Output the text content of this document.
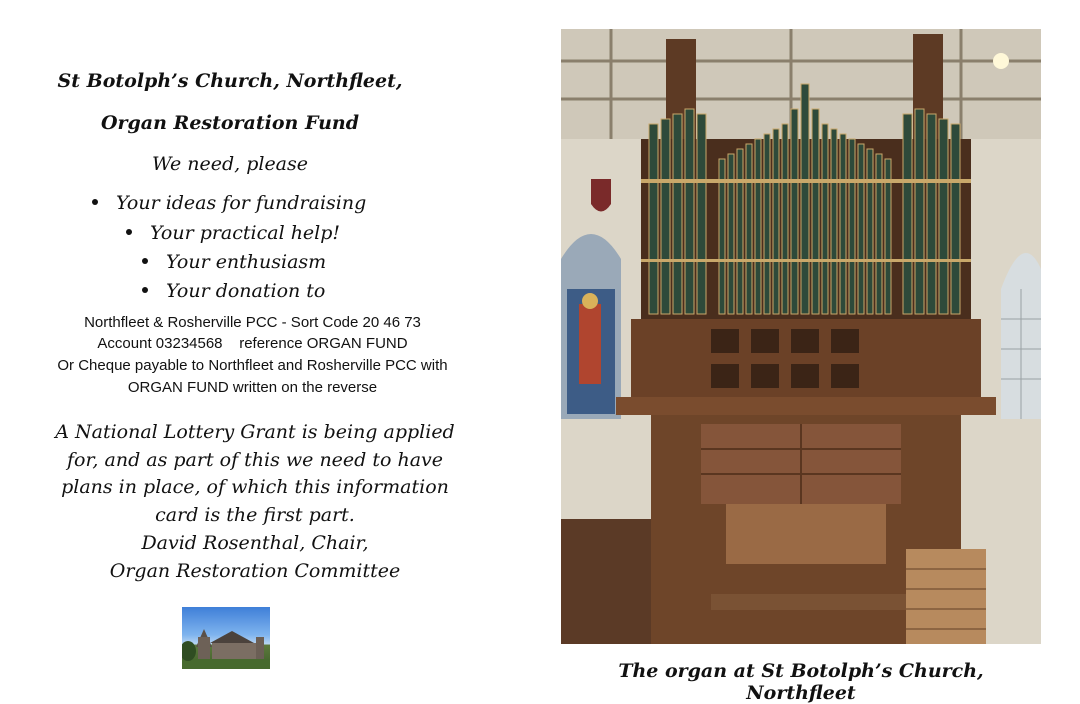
St Botolph’s Church, Northfleet,
Organ Restoration Fund
We need, please
Your ideas for fundraising
Your practical help!
Your enthusiasm
Your donation to
Northfleet & Rosherville PCC - Sort Code 20 46 73
Account 03234568    reference ORGAN FUND
Or Cheque payable to Northfleet and Rosherville PCC with
ORGAN FUND written on the reverse
A National Lottery Grant is being applied
for, and as part of this we need to have
plans in place, of which this information
card is the first part.
David Rosenthal, Chair,
Organ Restoration Committee
The organ at St Botolph’s Church, Northfleet
